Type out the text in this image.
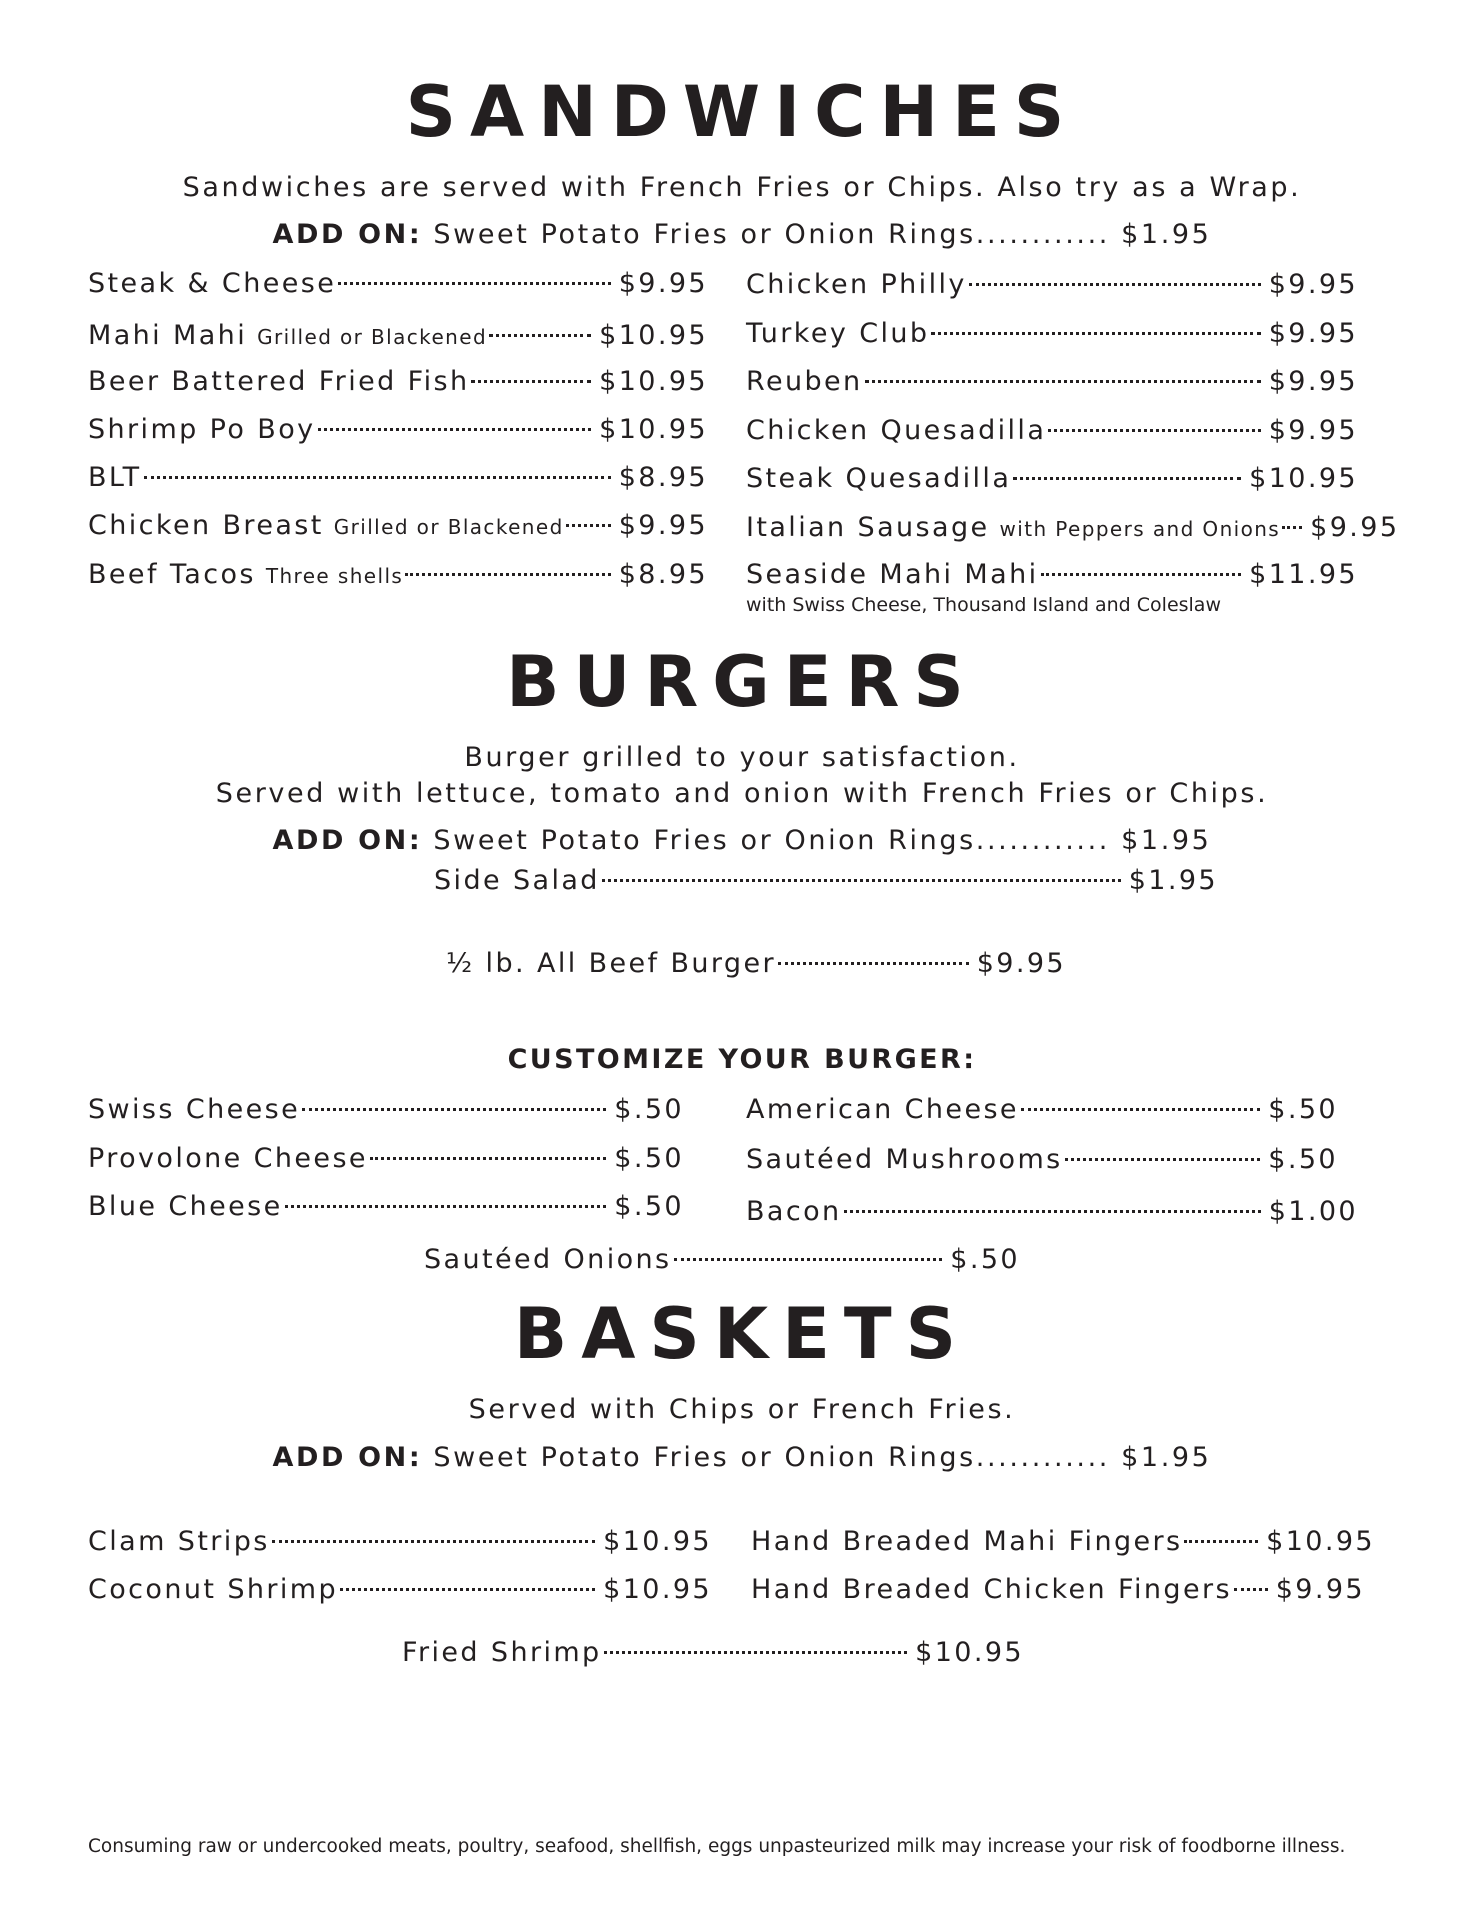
SANDWICHES
Sandwiches are served with French Fries or Chips. Also try as a Wrap.
ADD ON: Sweet Potato Fries or Onion Rings............ $1.95
Steak & Cheese	$9.95
Mahi Mahi Grilled or Blackened	$10.95
Beer Battered Fried Fish	$10.95
Shrimp Po Boy	$10.95
BLT	$8.95
Chicken Breast Grilled or Blackened $9.95
Beef Tacos Three shells	$8.95
Chicken Philly	$9.95
Turkey Club	$9.95
Reuben	$9.95
Chicken Quesadilla	$9.95
Steak Quesadilla	$10.95
Italian Sausage with Peppers and Onions $9.95
Seaside Mahi Mahi	$11.95
with Swiss Cheese, Thousand Island and Coleslaw
BURGERS
Burger grilled to your satisfaction.
Served with lettuce, tomato and onion with French Fries or Chips.
ADD ON: Sweet Potato Fries or Onion Rings............ $1.95
Side Salad	$1.95
½ lb. All Beef Burger	$9.95
CUSTOMIZE YOUR BURGER:
Swiss Cheese	$.50
Provolone Cheese	$.50
Blue Cheese	$.50
American Cheese	$.50
Sautéed Mushrooms	$.50
Bacon	$1.00
Sautéed Onions	$.50
BASKETS
Served with Chips or French Fries.
ADD ON: Sweet Potato Fries or Onion Rings............ $1.95
Clam Strips	$10.95
Coconut Shrimp	$10.95
Hand Breaded Mahi Fingers	$10.95
Hand Breaded Chicken Fingers $9.95
Fried Shrimp	$10.95
Consuming raw or undercooked meats, poultry, seafood, shellfish, eggs unpasteurized milk may increase your risk of foodborne illness.
